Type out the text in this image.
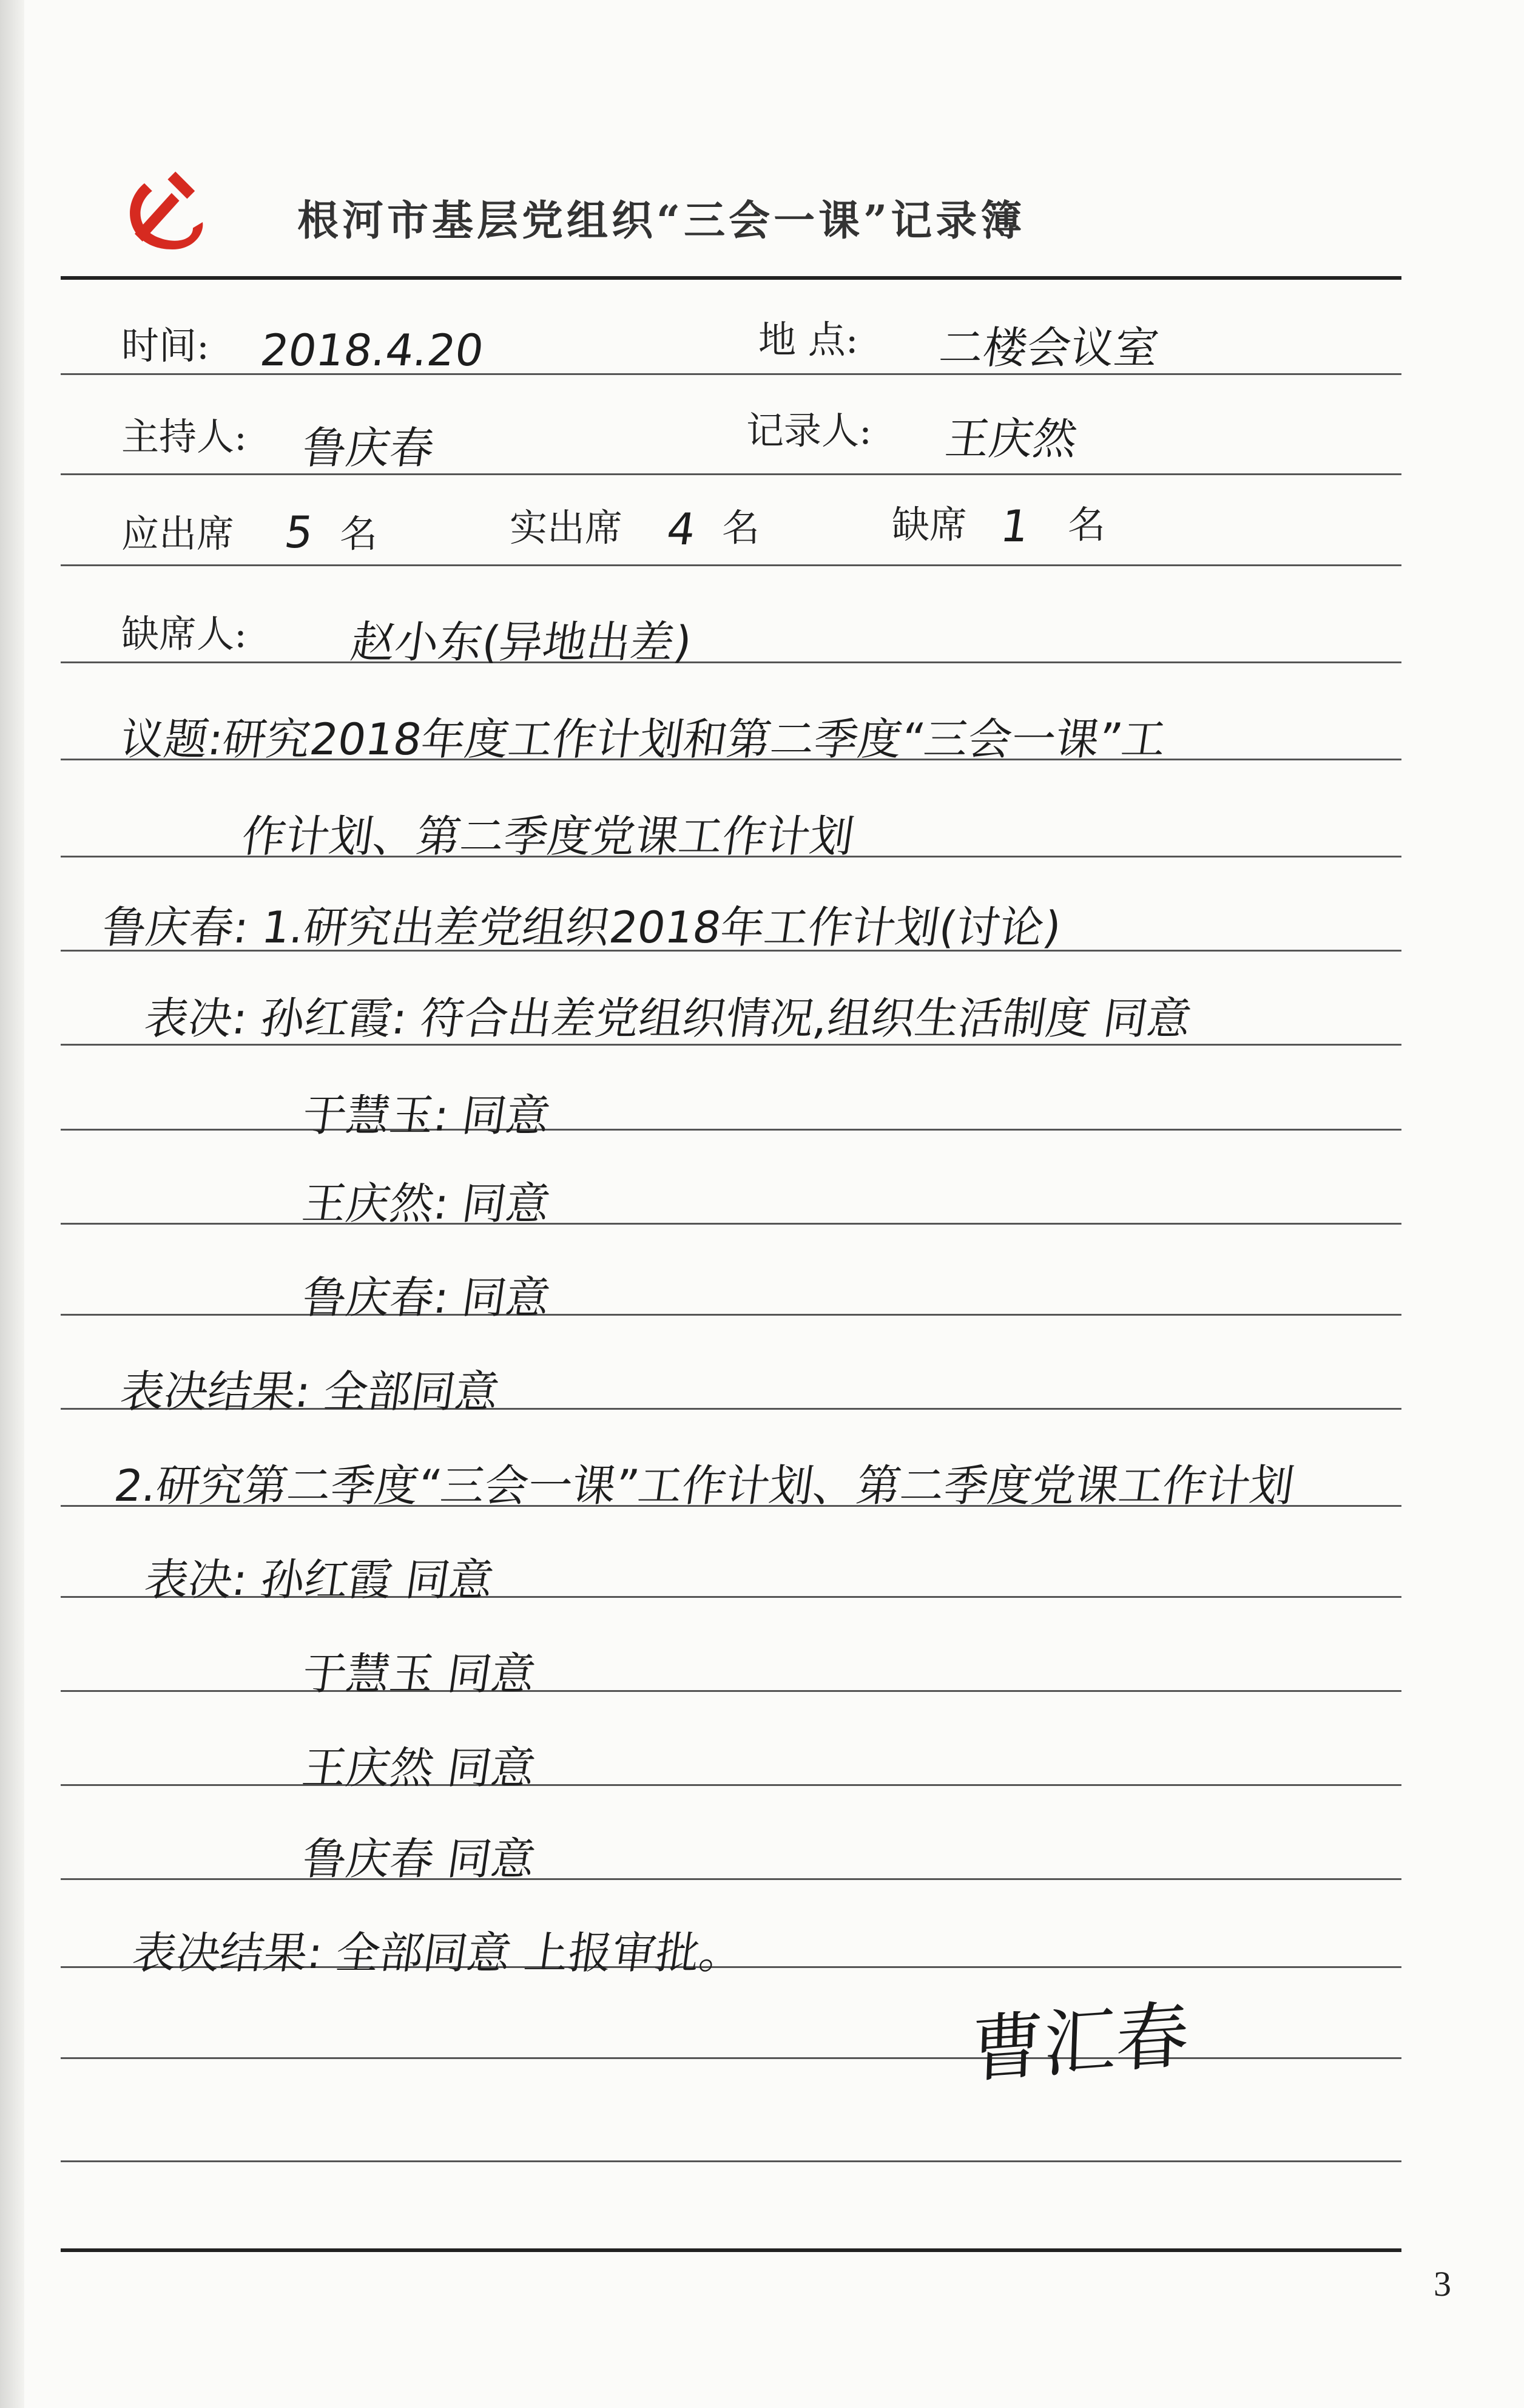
根河市基层党组织“三会一课”记录簿
时间: 2018.4.20	地 点: 二楼会议室
主持人: 鲁庆春	记录人: 王庆然
应出席 5 名	实出席 4 名	缺席 1 名
缺席人: 赵小东(异地出差)
议题:研究2018年度工作计划和第二季度“三会一课”工
作计划、第二季度党课工作计划
鲁庆春: 1.研究出差党组织2018年工作计划(讨论)
表决: 孙红霞: 符合出差党组织情况,组织生活制度 同意
于慧玉: 同意
王庆然: 同意
鲁庆春: 同意
表决结果: 全部同意
2.研究第二季度“三会一课”工作计划、第二季度党课工作计划
表决: 孙红霞 同意
于慧玉 同意
王庆然 同意
鲁庆春 同意
表决结果: 全部同意 上报审批。
曹汇春
3
